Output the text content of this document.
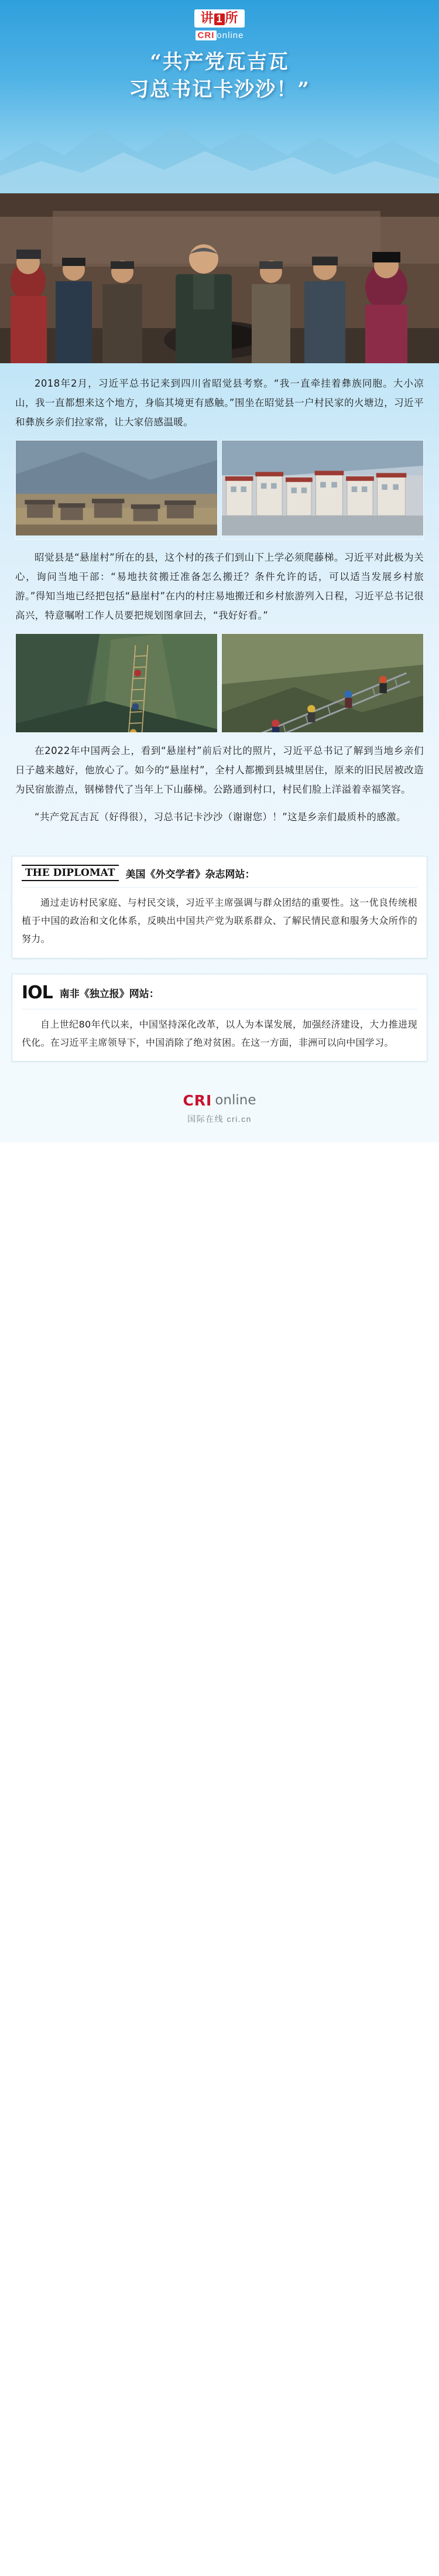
讲 1 所
CRI online
“共产党瓦吉瓦
习总书记卡沙沙！”

2018年2月，习近平总书记来到四川省昭觉县考察。“我一直牵挂着彝族同胞。大小凉山，我一直都想来这个地方，身临其境更有感触。”围坐在昭觉县一户村民家的火塘边，习近平和彝族乡亲们拉家常，让大家倍感温暖。

昭觉县是“悬崖村”所在的县，这个村的孩子们到山下上学必须爬藤梯。习近平对此极为关心，询问当地干部：“易地扶贫搬迁准备怎么搬迁？条件允许的话，可以适当发展乡村旅游。”得知当地已经把包括“悬崖村”在内的村庄易地搬迁和乡村旅游列入日程，习近平总书记很高兴，特意嘱咐工作人员要把规划图拿回去，“我好好看。”

在2022年中国两会上，看到“悬崖村”前后对比的照片，习近平总书记了解到当地乡亲们日子越来越好，他放心了。如今的“悬崖村”，全村人都搬到县城里居住，原来的旧民居被改造为民宿旅游点，钢梯替代了当年上下山藤梯。公路通到村口，村民们脸上洋溢着幸福笑容。

“共产党瓦吉瓦（好得很），习总书记卡沙沙（谢谢您）！”这是乡亲们最质朴的感激。

THE DIPLOMAT	美国《外交学者》杂志网站：

通过走访村民家庭、与村民交谈，习近平主席强调与群众团结的重要性。这一优良传统根植于中国的政治和文化体系，反映出中国共产党为联系群众、了解民情民意和服务大众所作的努力。

IOL 南非《独立报》网站：

自上世纪80年代以来，中国坚持深化改革，以人为本谋发展，加强经济建设，大力推进现代化。在习近平主席领导下，中国消除了绝对贫困。在这一方面，非洲可以向中国学习。

CRI online
国际在线 cri.cn
